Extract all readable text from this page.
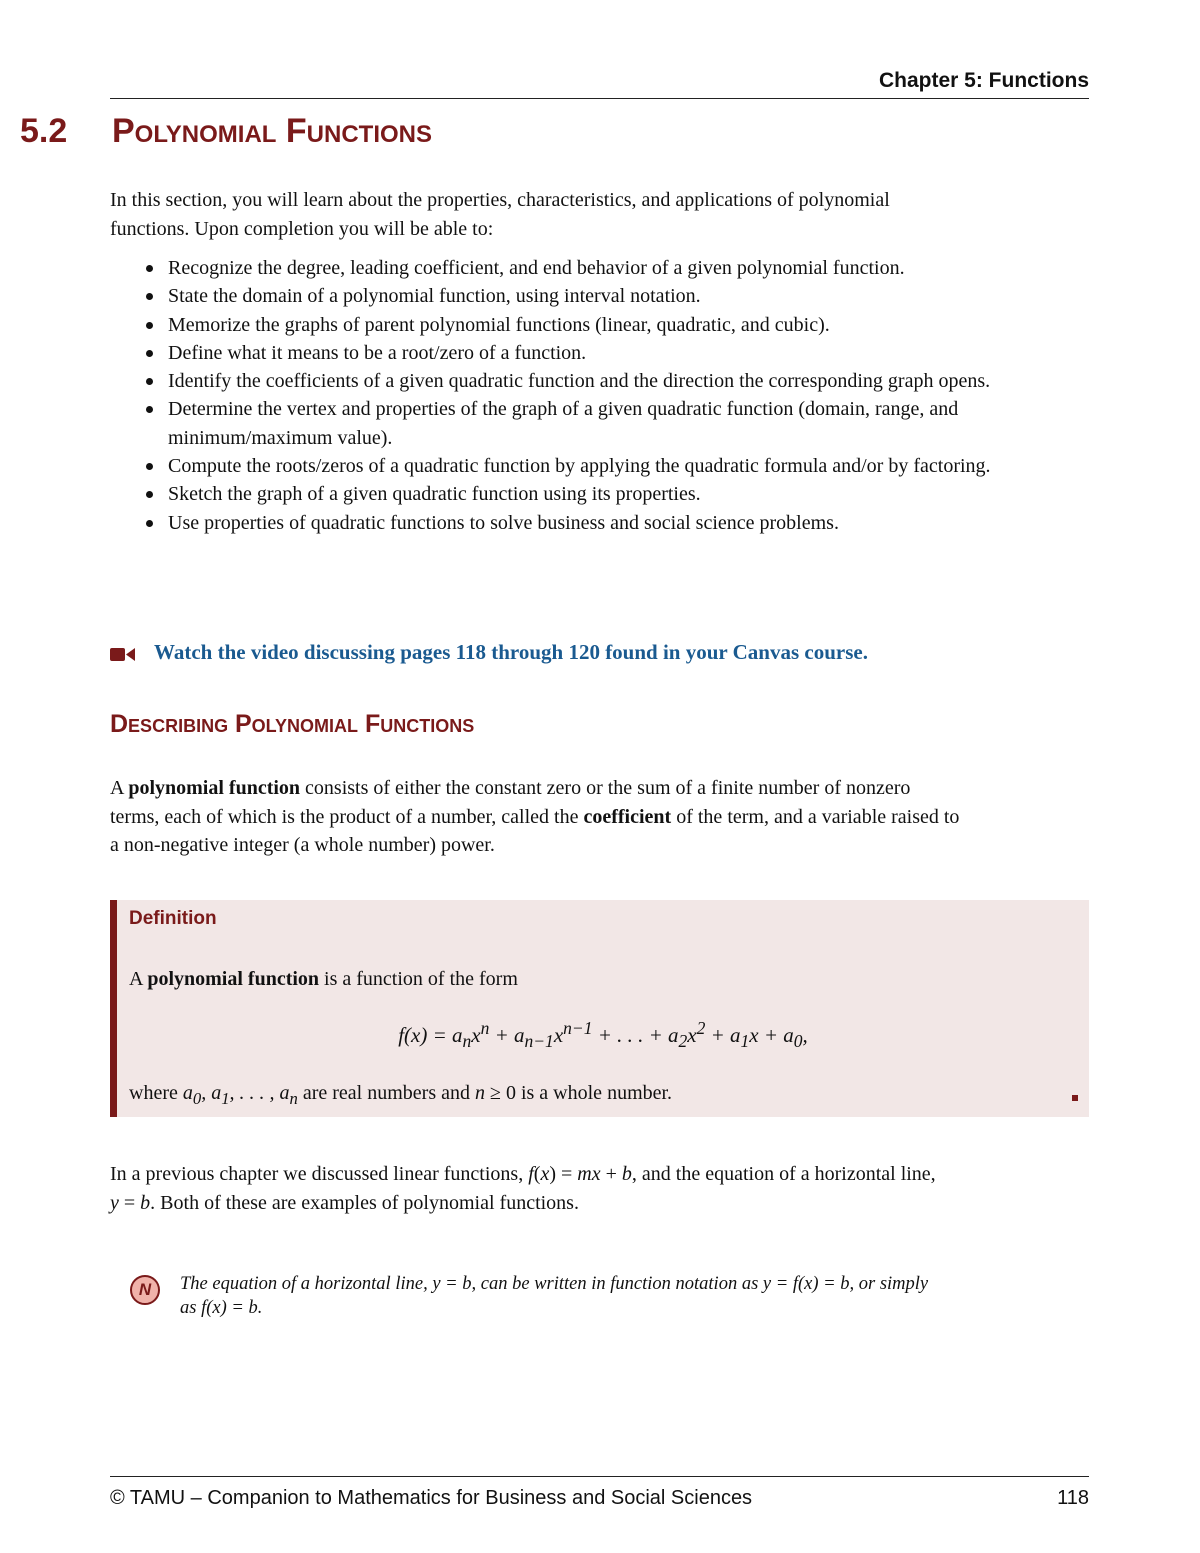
Chapter 5: Functions
5.2 Polynomial Functions
In this section, you will learn about the properties, characteristics, and applications of polynomial
functions. Upon completion you will be able to:
Recognize the degree, leading coefficient, and end behavior of a given polynomial function.
State the domain of a polynomial function, using interval notation.
Memorize the graphs of parent polynomial functions (linear, quadratic, and cubic).
Define what it means to be a root/zero of a function.
Identify the coefficients of a given quadratic function and the direction the corresponding graph opens.
Determine the vertex and properties of the graph of a given quadratic function (domain, range, and minimum/maximum value).
Compute the roots/zeros of a quadratic function by applying the quadratic formula and/or by factoring.
Sketch the graph of a given quadratic function using its properties.
Use properties of quadratic functions to solve business and social science problems.
Watch the video discussing pages 118 through 120 found in your Canvas course.
Describing Polynomial Functions
A polynomial function consists of either the constant zero or the sum of a finite number of nonzero
terms, each of which is the product of a number, called the coefficient of the term, and a variable raised to
a non-negative integer (a whole number) power.
Definition
A polynomial function is a function of the form
$f(x) = a_nx^n + a_{n-1}x^{n-1}$ + . . . + $a_2x^2 + a_1x + a_0$,
where $a_0$, $a_1$, . . . , $a_n$ are real numbers and n ≥ 0 is a whole number.
In a previous chapter we discussed linear functions, f(x) = mx + b, and the equation of a horizontal line,
y = b. Both of these are examples of polynomial functions.
N	The equation of a horizontal line, y = b, can be written in function notation as y = f(x) = b, or simply
as f(x) = b.
© TAMU – Companion to Mathematics for Business and Social Sciences	118
